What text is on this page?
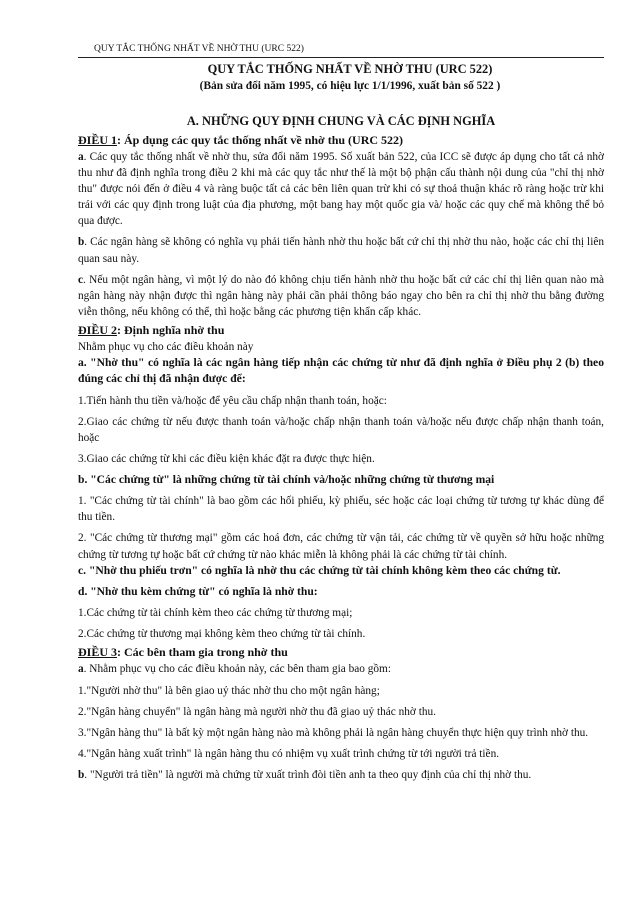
QUY TẮC THỐNG NHẤT VỀ NHỜ THU (URC 522)
QUY TẮC THỐNG NHẤT VỀ NHỜ THU (URC 522)
(Bản sửa đổi năm 1995, có hiệu lực 1/1/1996, xuất bản số 522 )
A. NHỮNG QUY ĐỊNH CHUNG VÀ CÁC ĐỊNH NGHĨA
ĐIỀU 1: Áp dụng các quy tắc thống nhất về nhờ thu (URC 522)

a. Các quy tắc thống nhất về nhờ thu, sửa đổi năm 1995. Số xuất bản 522, của ICC sẽ được áp dụng cho tất cả nhờ thu như đã định nghĩa trong điều 2 khi mà các quy tắc như thế là một bộ phận cấu thành nội dung của "chỉ thị nhờ thu" được nói đến ở điều 4 và ràng buộc tất cả các bên liên quan trừ khi có sự thoả thuận khác rõ ràng hoặc trừ khi trái với các quy định trong luật của địa phương, một bang hay một quốc gia và/ hoặc các quy chế mà không thể bỏ qua được.

b. Các ngân hàng sẽ không có nghĩa vụ phải tiến hành nhờ thu hoặc bất cứ chỉ thị nhờ thu nào, hoặc các chỉ thị liên quan sau này.

c. Nếu một ngân hàng, vì một lý do nào đó không chịu tiến hành nhờ thu hoặc bất cứ các chỉ thị liên quan nào mà ngân hàng này nhận được thì ngân hàng này phải cần phải thông báo ngay cho bên ra chỉ thị nhờ thu bằng đường viễn thông, nếu không có thể, thì hoặc bằng các phương tiện khẩn cấp khác.

ĐIỀU 2: Định nghĩa nhờ thu

Nhằm phục vụ cho các điều khoản này

a. "Nhờ thu" có nghĩa là các ngân hàng tiếp nhận các chứng từ như đã định nghĩa ở Điều phụ 2 (b) theo đúng các chỉ thị đã nhận được để:

1.Tiến hành thu tiền và/hoặc để yêu cầu chấp nhận thanh toán, hoặc:

2.Giao các chứng từ nếu được thanh toán và/hoặc chấp nhận thanh toán và/hoặc nếu được chấp nhận thanh toán, hoặc

3.Giao các chứng từ khi các điều kiện khác đặt ra được thực hiện.

b. "Các chứng từ" là những chứng từ tài chính và/hoặc những chứng từ thương mại

1. "Các chứng từ tài chính" là bao gồm các hối phiếu, kỳ phiếu, séc hoặc các loại chứng từ tương tự khác dùng để thu tiền.

2. "Các chứng từ thương mại" gồm các hoá đơn, các chứng từ vận tải, các chứng từ về quyền sở hữu hoặc những chứng từ tương tự hoặc bất cứ chứng từ nào khác miễn là không phải là các chứng từ tài chính.

c. "Nhờ thu phiếu trơn" có nghĩa là nhờ thu các chứng từ tài chính không kèm theo các chứng từ.

d. "Nhờ thu kèm chứng từ" có nghĩa là nhờ thu:

1.Các chứng từ tài chính kèm theo các chứng từ thương mại;

2.Các chứng từ thương mại không kèm theo chứng từ tài chính.

ĐIỀU 3: Các bên tham gia trong nhờ thu

a. Nhằm phục vụ cho các điều khoản này, các bên tham gia bao gồm:

1."Người nhờ thu" là bên giao uỷ thác nhờ thu cho một ngân hàng;

2."Ngân hàng chuyển" là ngân hàng mà người nhờ thu đã giao uỷ thác nhờ thu.

3."Ngân hàng thu" là bất kỳ một ngân hàng nào mà không phải là ngân hàng chuyển thực hiện quy trình nhờ thu.

4."Ngân hàng xuất trình" là ngân hàng thu có nhiệm vụ xuất trình chứng từ tới người trả tiền.

b. "Người trả tiền" là người mà chứng từ xuất trình đòi tiền anh ta theo quy định của chỉ thị nhờ thu.
